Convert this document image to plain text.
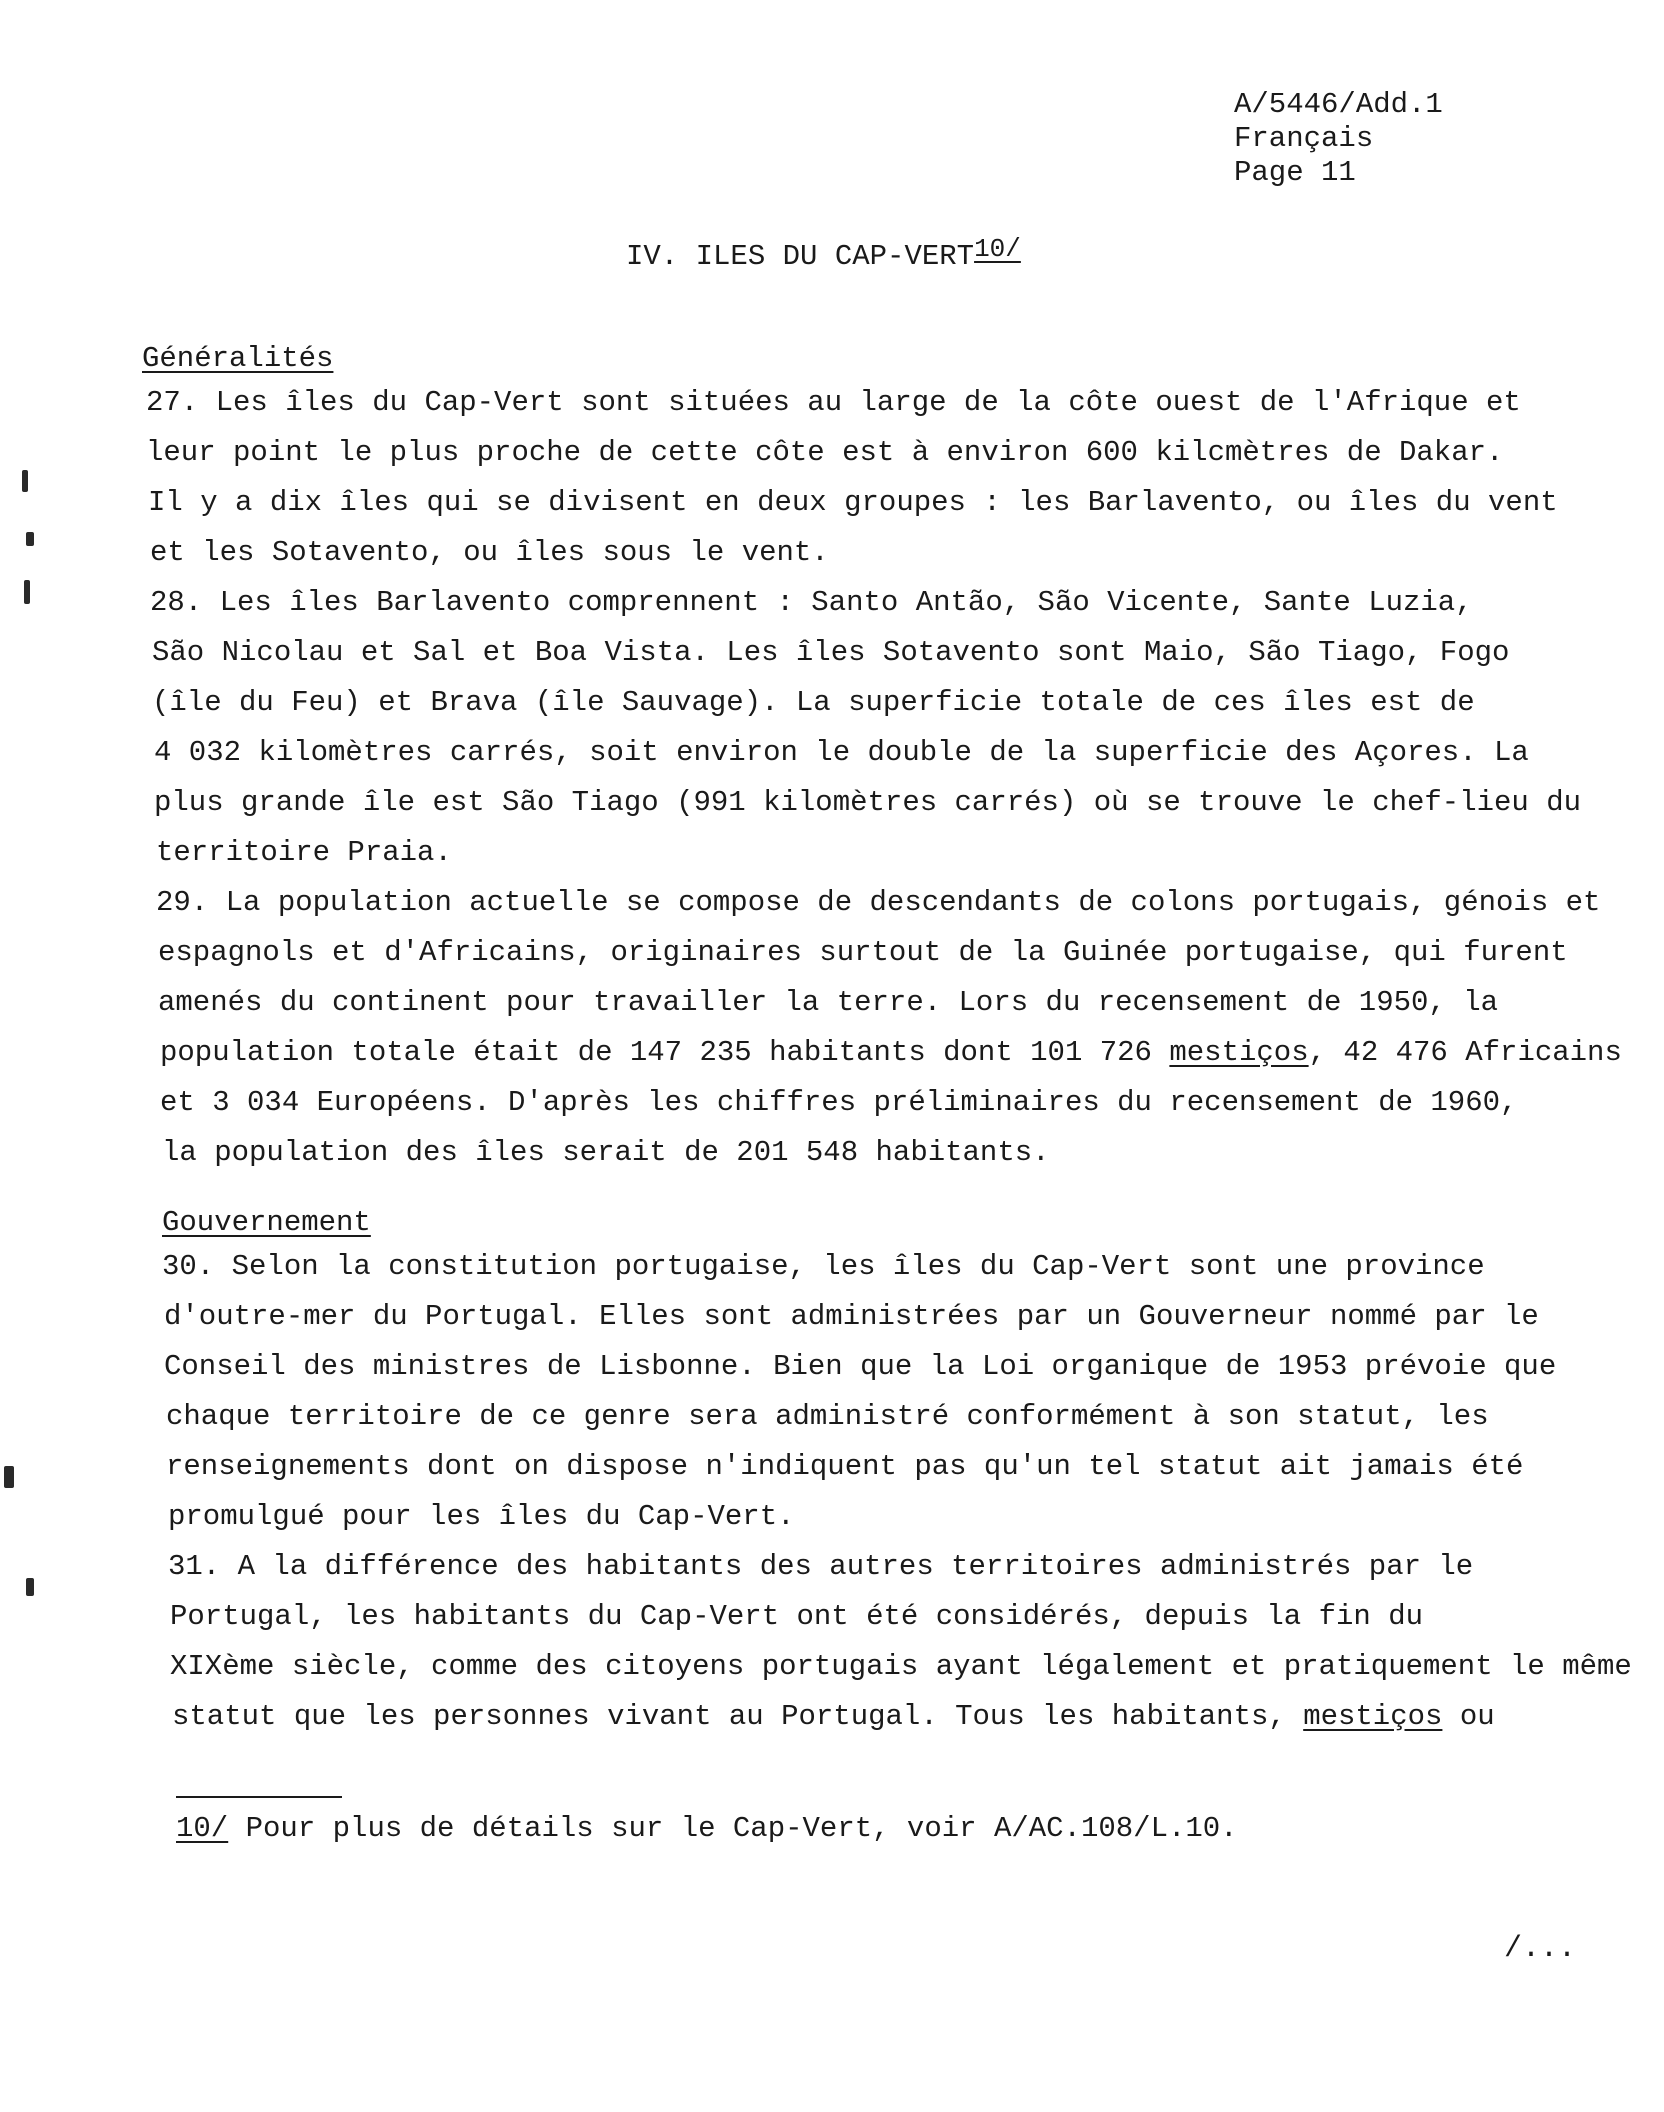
A/5446/Add.1
Français
Page 11
IV. ILES DU CAP-$VERT^{10/}$
Généralités
27. Les îles du Cap-Vert sont situées au large de la côte ouest de l'Afrique et
leur point le plus proche de cette côte est à environ 600 kilcmètres de Dakar.
Il y a dix îles qui se divisent en deux groupes : les Barlavento, ou îles du vent
et les Sotavento, ou îles sous le vent.
28. Les îles Barlavento comprennent : Santo Antão, São Vicente, Sante Luzia,
São Nicolau et Sal et Boa Vista. Les îles Sotavento sont Maio, São Tiago, Fogo
(île du Feu) et Brava (île Sauvage). La superficie totale de ces îles est de
4 032 kilomètres carrés, soit environ le double de la superficie des Açores. La
plus grande île est São Tiago (991 kilomètres carrés) où se trouve le chef-lieu du
territoire Praia.
29. La population actuelle se compose de descendants de colons portugais, génois et
espagnols et d'Africains, originaires surtout de la Guinée portugaise, qui furent
amenés du continent pour travailler la terre. Lors du recensement de 1950, la
population totale était de 147 235 habitants dont 101 726 mestiços, 42 476 Africains
et 3 034 Européens. D'après les chiffres préliminaires du recensement de 1960,
la population des îles serait de 201 548 habitants.
Gouvernement
30. Selon la constitution portugaise, les îles du Cap-Vert sont une province
d'outre-mer du Portugal. Elles sont administrées par un Gouverneur nommé par le
Conseil des ministres de Lisbonne. Bien que la Loi organique de 1953 prévoie que
chaque territoire de ce genre sera administré conformément à son statut, les
renseignements dont on dispose n'indiquent pas qu'un tel statut ait jamais été
promulgué pour les îles du Cap-Vert.
31. A la différence des habitants des autres territoires administrés par le
Portugal, les habitants du Cap-Vert ont été considérés, depuis la fin du
XIXème siècle, comme des citoyens portugais ayant légalement et pratiquement le même
statut que les personnes vivant au Portugal. Tous les habitants, mestiços ou
10/ Pour plus de détails sur le Cap-Vert, voir A/AC.108/L.10.
/...
